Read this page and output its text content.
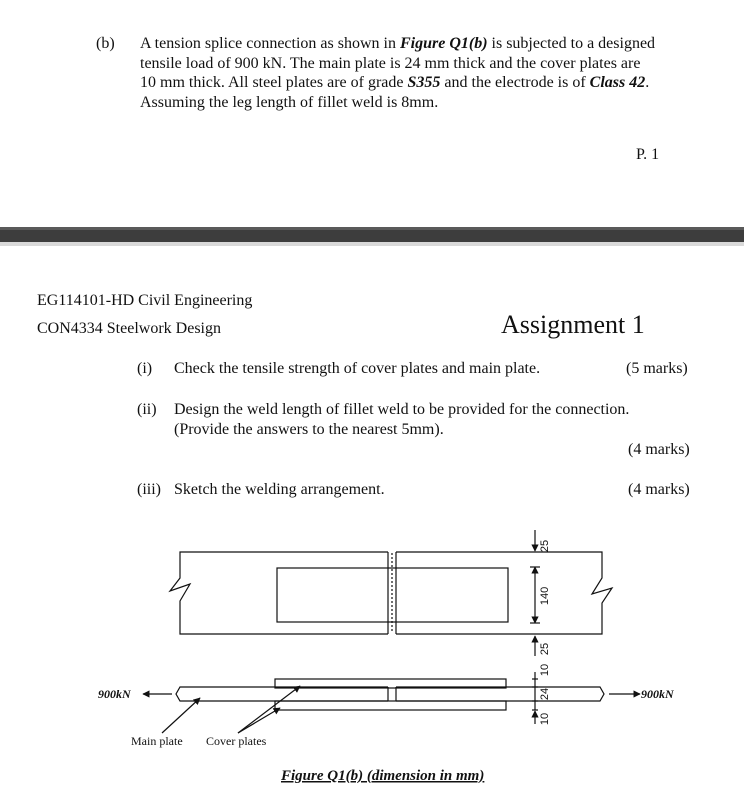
(b) A tension splice connection as shown in Figure Q1(b) is subjected to a designed
tensile load of 900 kN. The main plate is 24 mm thick and the cover plates are
10 mm thick. All steel plates are of grade S355 and the electrode is of Class 42.
Assuming the leg length of fillet weld is 8mm.
P. 1
EG114101-HD Civil Engineering
CON4334 Steelwork Design	Assignment 1
(i) Check the tensile strength of cover plates and main plate.	(5 marks)
(ii) Design the weld length of fillet weld to be provided for the connection.
(Provide the answers to the nearest 5mm).
(4 marks)
(iii) Sketch the welding arrangement.	(4 marks)
25
140
25
10
24
10
900kN	900kN
Main plate Cover plates
Figure Q1(b) (dimension in mm)
